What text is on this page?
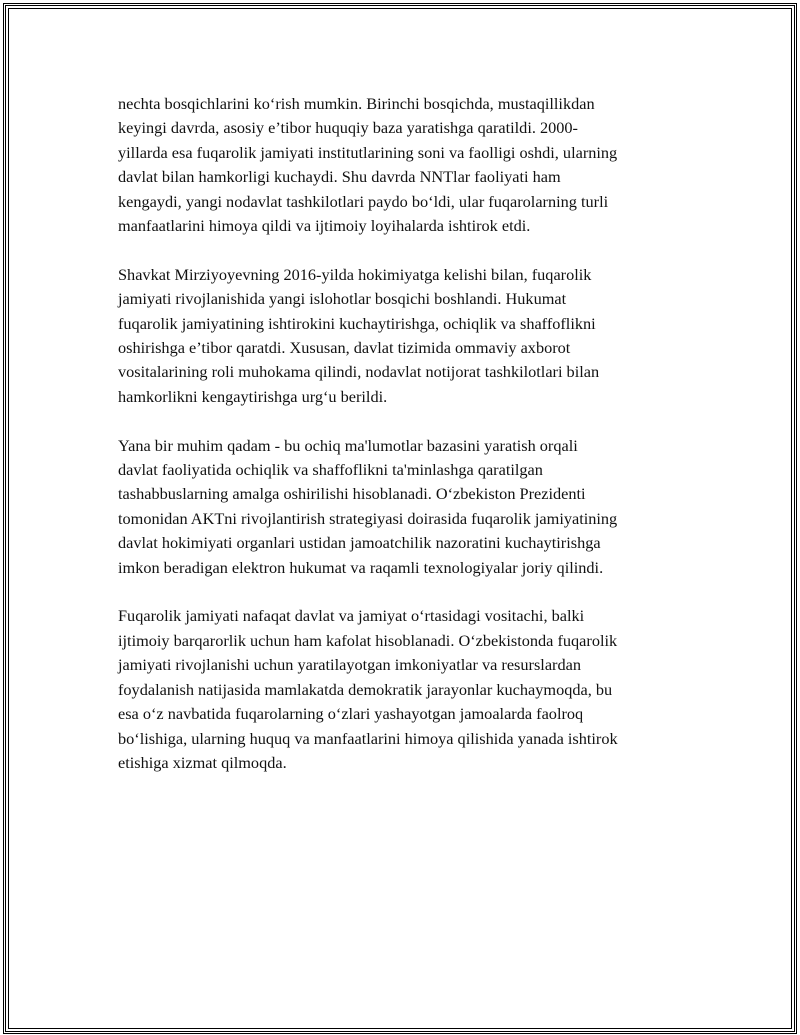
nechta bosqichlarini koʻrish mumkin. Birinchi bosqichda, mustaqillikdan
keyingi davrda, asosiy e’tibor huquqiy baza yaratishga qaratildi. 2000-
yillarda esa fuqarolik jamiyati institutlarining soni va faolligi oshdi, ularning
davlat bilan hamkorligi kuchaydi. Shu davrda NNTlar faoliyati ham
kengaydi, yangi nodavlat tashkilotlari paydo boʻldi, ular fuqarolarning turli
manfaatlarini himoya qildi va ijtimoiy loyihalarda ishtirok etdi.

Shavkat Mirziyoyevning 2016-yilda hokimiyatga kelishi bilan, fuqarolik
jamiyati rivojlanishida yangi islohotlar bosqichi boshlandi. Hukumat
fuqarolik jamiyatining ishtirokini kuchaytirishga, ochiqlik va shaffoflikni
oshirishga e’tibor qaratdi. Xususan, davlat tizimida ommaviy axborot
vositalarining roli muhokama qilindi, nodavlat notijorat tashkilotlari bilan
hamkorlikni kengaytirishga urgʻu berildi.

Yana bir muhim qadam - bu ochiq ma'lumotlar bazasini yaratish orqali
davlat faoliyatida ochiqlik va shaffoflikni ta'minlashga qaratilgan
tashabbuslarning amalga oshirilishi hisoblanadi. Oʻzbekiston Prezidenti
tomonidan AKTni rivojlantirish strategiyasi doirasida fuqarolik jamiyatining
davlat hokimiyati organlari ustidan jamoatchilik nazoratini kuchaytirishga
imkon beradigan elektron hukumat va raqamli texnologiyalar joriy qilindi.

Fuqarolik jamiyati nafaqat davlat va jamiyat oʻrtasidagi vositachi, balki
ijtimoiy barqarorlik uchun ham kafolat hisoblanadi. Oʻzbekistonda fuqarolik
jamiyati rivojlanishi uchun yaratilayotgan imkoniyatlar va resurslardan
foydalanish natijasida mamlakatda demokratik jarayonlar kuchaymoqda, bu
esa oʻz navbatida fuqarolarning oʻzlari yashayotgan jamoalarda faolroq
boʻlishiga, ularning huquq va manfaatlarini himoya qilishida yanada ishtirok
etishiga xizmat qilmoqda.
